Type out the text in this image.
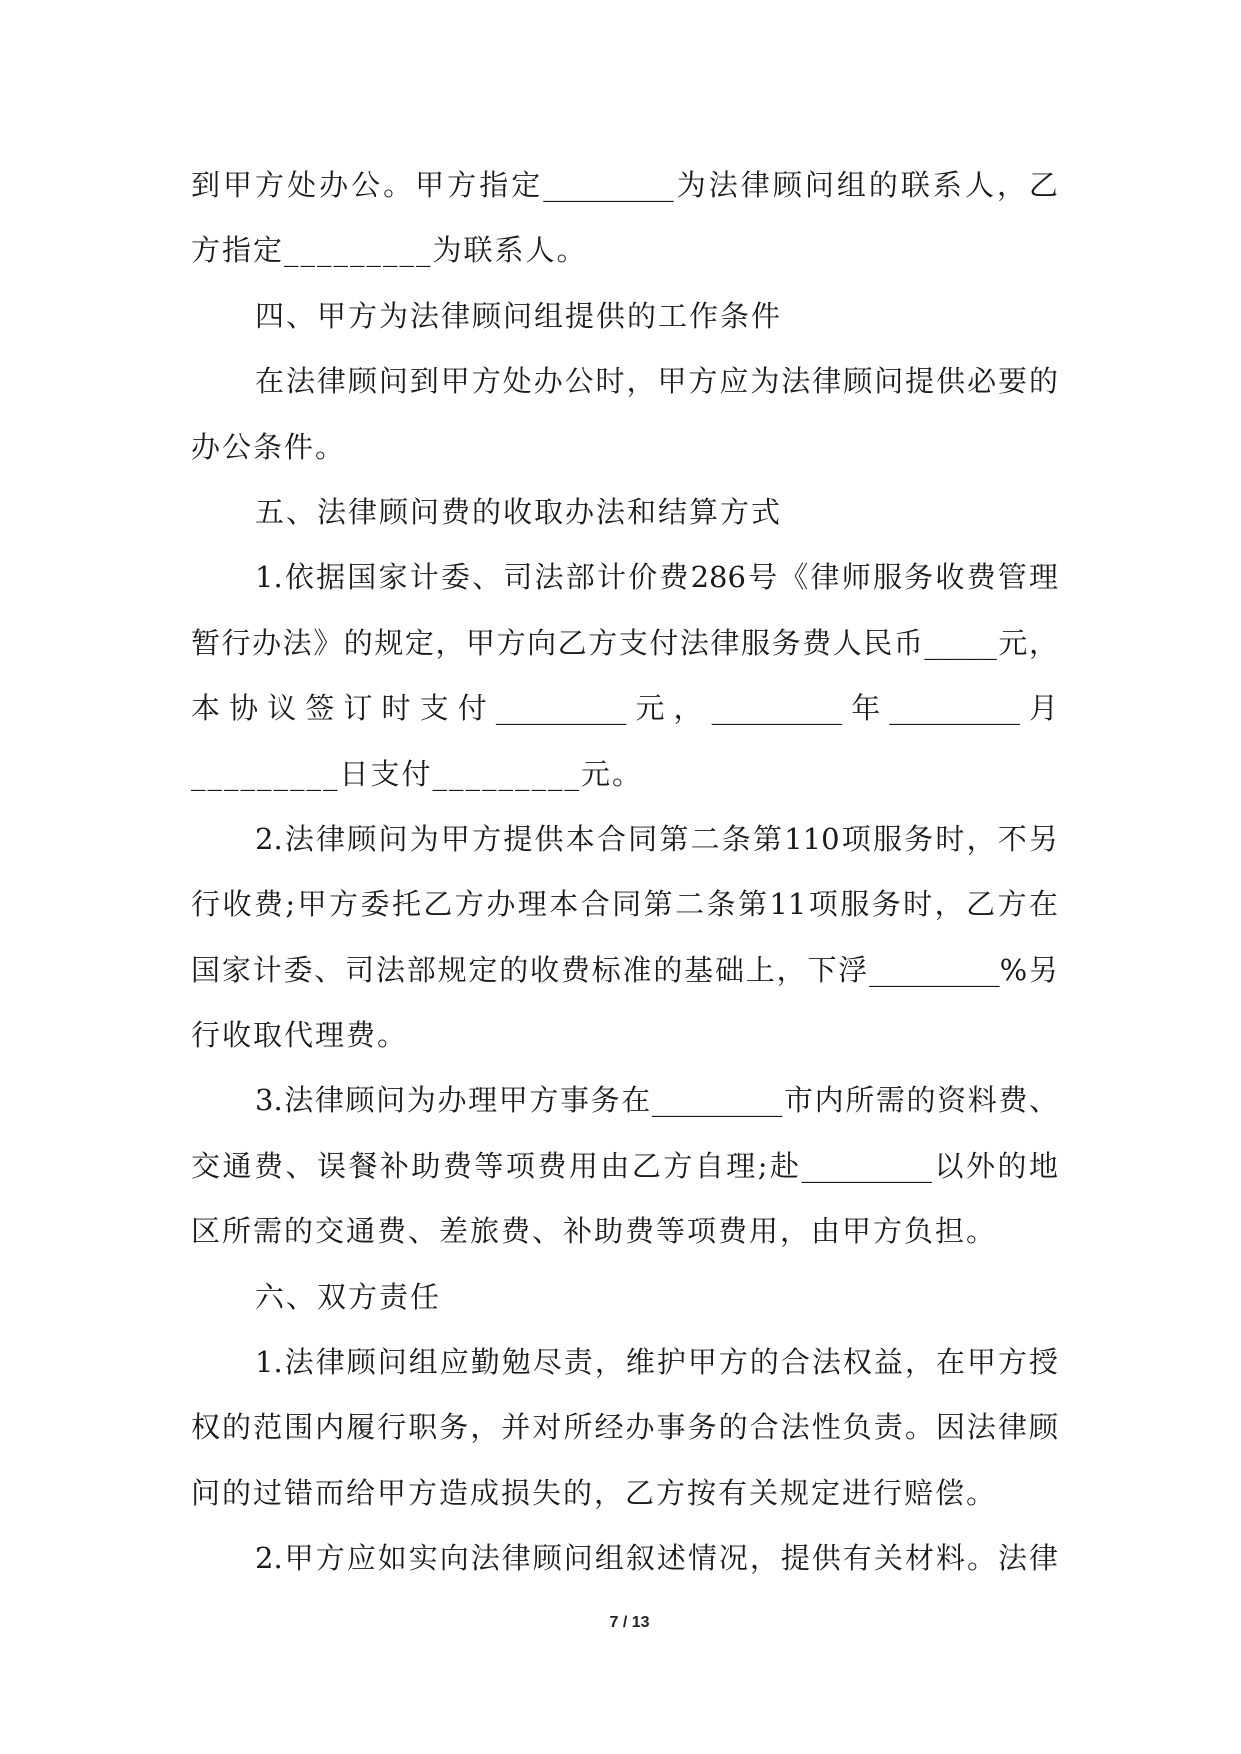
到甲方处办公。甲方指定_________为法律顾问组的联系人，乙
方指定_________为联系人。
四、甲方为法律顾问组提供的工作条件
在法律顾问到甲方处办公时，甲方应为法律顾问提供必要的
办公条件。
五、法律顾问费的收取办法和结算方式
1.依据国家计委、司法部计价费286号《律师服务收费管理
暂行办法》的规定，甲方向乙方支付法律服务费人民币_____元，
本协议签订时支付_________元，_________年_________月
_________日支付_________元。
2.法律顾问为甲方提供本合同第二条第110项服务时，不另
行收费;甲方委托乙方办理本合同第二条第11项服务时，乙方在
国家计委、司法部规定的收费标准的基础上，下浮_________%另
行收取代理费。
3.法律顾问为办理甲方事务在_________市内所需的资料费、
交通费、误餐补助费等项费用由乙方自理;赴_________以外的地
区所需的交通费、差旅费、补助费等项费用，由甲方负担。
六、双方责任
1.法律顾问组应勤勉尽责，维护甲方的合法权益，在甲方授
权的范围内履行职务，并对所经办事务的合法性负责。因法律顾
问的过错而给甲方造成损失的，乙方按有关规定进行赔偿。
2.甲方应如实向法律顾问组叙述情况，提供有关材料。法律
7 / 13
